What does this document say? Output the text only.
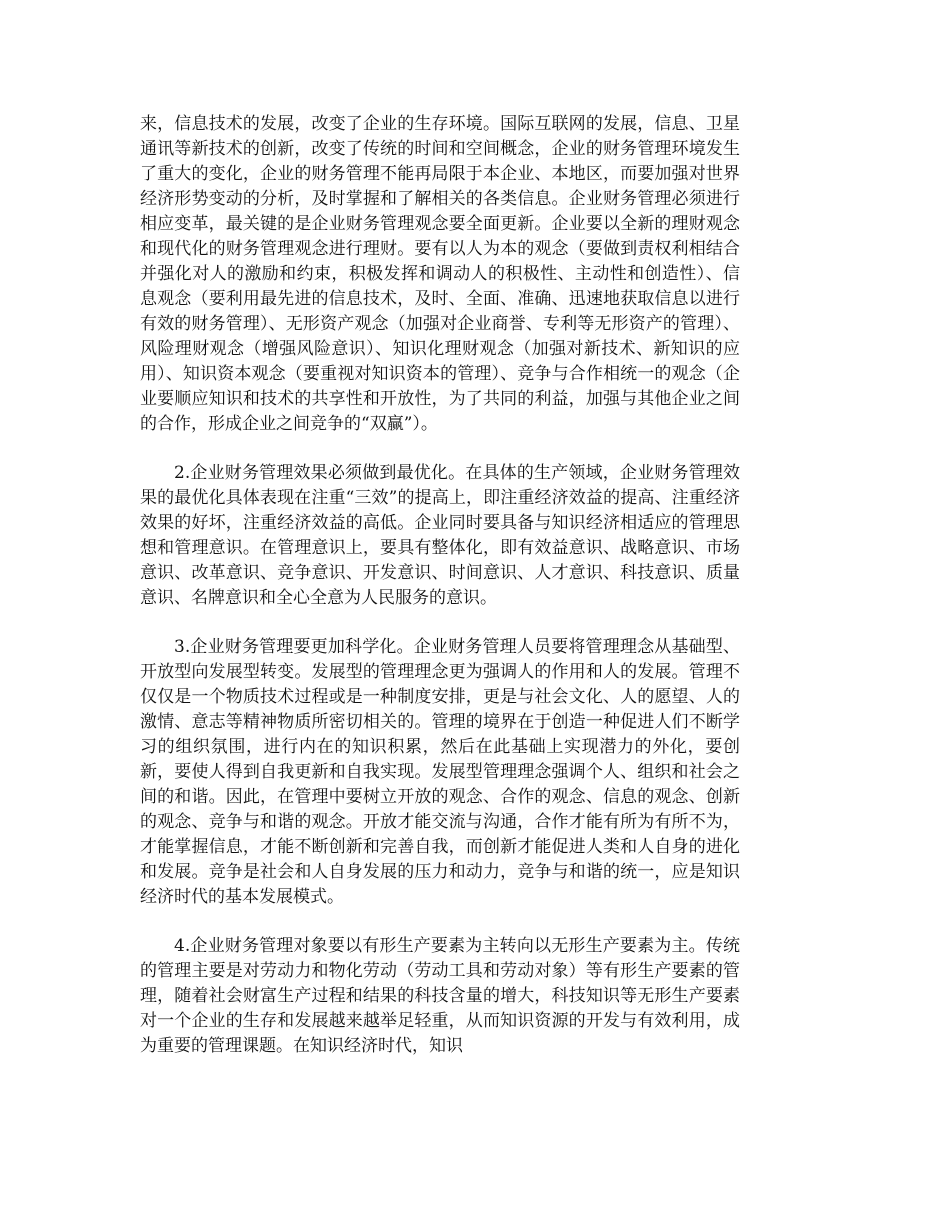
来，信息技术的发展，改变了企业的生存环境。国际互联网的发展，信息、卫星通讯等新技术的创新，改变了传统的时间和空间概念，企业的财务管理环境发生了重大的变化，企业的财务管理不能再局限于本企业、本地区，而要加强对世界经济形势变动的分析，及时掌握和了解相关的各类信息。企业财务管理必须进行相应变革，最关键的是企业财务管理观念要全面更新。企业要以全新的理财观念和现代化的财务管理观念进行理财。要有以人为本的观念（要做到责权利相结合并强化对人的激励和约束，积极发挥和调动人的积极性、主动性和创造性）、信息观念（要利用最先进的信息技术，及时、全面、准确、迅速地获取信息以进行有效的财务管理）、无形资产观念（加强对企业商誉、专利等无形资产的管理）、风险理财观念（增强风险意识）、知识化理财观念（加强对新技术、新知识的应用）、知识资本观念（要重视对知识资本的管理）、竞争与合作相统一的观念（企业要顺应知识和技术的共享性和开放性，为了共同的利益，加强与其他企业之间的合作，形成企业之间竞争的“双赢”）。

2.企业财务管理效果必须做到最优化。在具体的生产领域，企业财务管理效果的最优化具体表现在注重“三效”的提高上，即注重经济效益的提高、注重经济效果的好坏，注重经济效益的高低。企业同时要具备与知识经济相适应的管理思想和管理意识。在管理意识上，要具有整体化，即有效益意识、战略意识、市场意识、改革意识、竞争意识、开发意识、时间意识、人才意识、科技意识、质量意识、名牌意识和全心全意为人民服务的意识。

3.企业财务管理要更加科学化。企业财务管理人员要将管理理念从基础型、开放型向发展型转变。发展型的管理理念更为强调人的作用和人的发展。管理不仅仅是一个物质技术过程或是一种制度安排，更是与社会文化、人的愿望、人的激情、意志等精神物质所密切相关的。管理的境界在于创造一种促进人们不断学习的组织氛围，进行内在的知识积累，然后在此基础上实现潜力的外化，要创新，要使人得到自我更新和自我实现。发展型管理理念强调个人、组织和社会之间的和谐。因此，在管理中要树立开放的观念、合作的观念、信息的观念、创新的观念、竞争与和谐的观念。开放才能交流与沟通，合作才能有所为有所不为，才能掌握信息，才能不断创新和完善自我，而创新才能促进人类和人自身的进化和发展。竞争是社会和人自身发展的压力和动力，竞争与和谐的统一，应是知识经济时代的基本发展模式。

4.企业财务管理对象要以有形生产要素为主转向以无形生产要素为主。传统的管理主要是对劳动力和物化劳动（劳动工具和劳动对象）等有形生产要素的管理，随着社会财富生产过程和结果的科技含量的增大，科技知识等无形生产要素对一个企业的生存和发展越来越举足轻重，从而知识资源的开发与有效利用，成为重要的管理课题。在知识经济时代，知识
